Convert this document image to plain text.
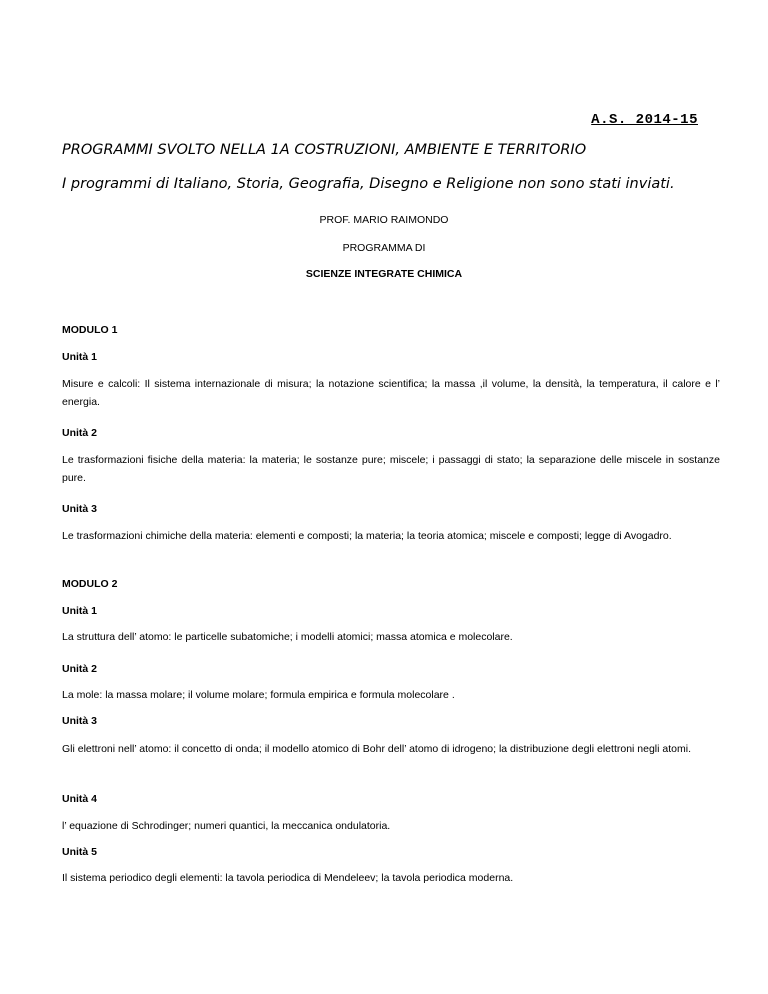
A.S. 2014-15
PROGRAMMI SVOLTO NELLA 1A COSTRUZIONI, AMBIENTE E TERRITORIO
I programmi di Italiano, Storia, Geografia, Disegno e Religione non sono stati inviati.
PROF. MARIO RAIMONDO
PROGRAMMA DI
SCIENZE INTEGRATE CHIMICA
MODULO 1
Unità 1
Misure e calcoli: Il sistema internazionale di misura; la notazione scientifica; la massa ,il volume, la densità, la temperatura, il calore e l’ energia.
Unità 2
Le trasformazioni fisiche della materia: la materia; le sostanze pure; miscele; i passaggi di stato; la separazione delle miscele in sostanze pure.
Unità 3
Le trasformazioni chimiche della materia: elementi e composti; la materia; la teoria atomica; miscele e composti; legge di Avogadro.
MODULO 2
Unità 1
La struttura dell’ atomo: le particelle subatomiche; i modelli atomici; massa atomica e molecolare.
Unità 2
La mole: la massa molare; il volume molare; formula empirica e formula molecolare .
Unità 3
Gli elettroni nell’ atomo: il concetto di onda; il modello atomico di Bohr dell’ atomo di idrogeno; la distribuzione degli elettroni negli atomi.
Unità 4
l’ equazione di Schrodinger; numeri quantici, la meccanica ondulatoria.
Unità 5
Il sistema periodico degli elementi: la tavola periodica di Mendeleev; la tavola periodica moderna.
